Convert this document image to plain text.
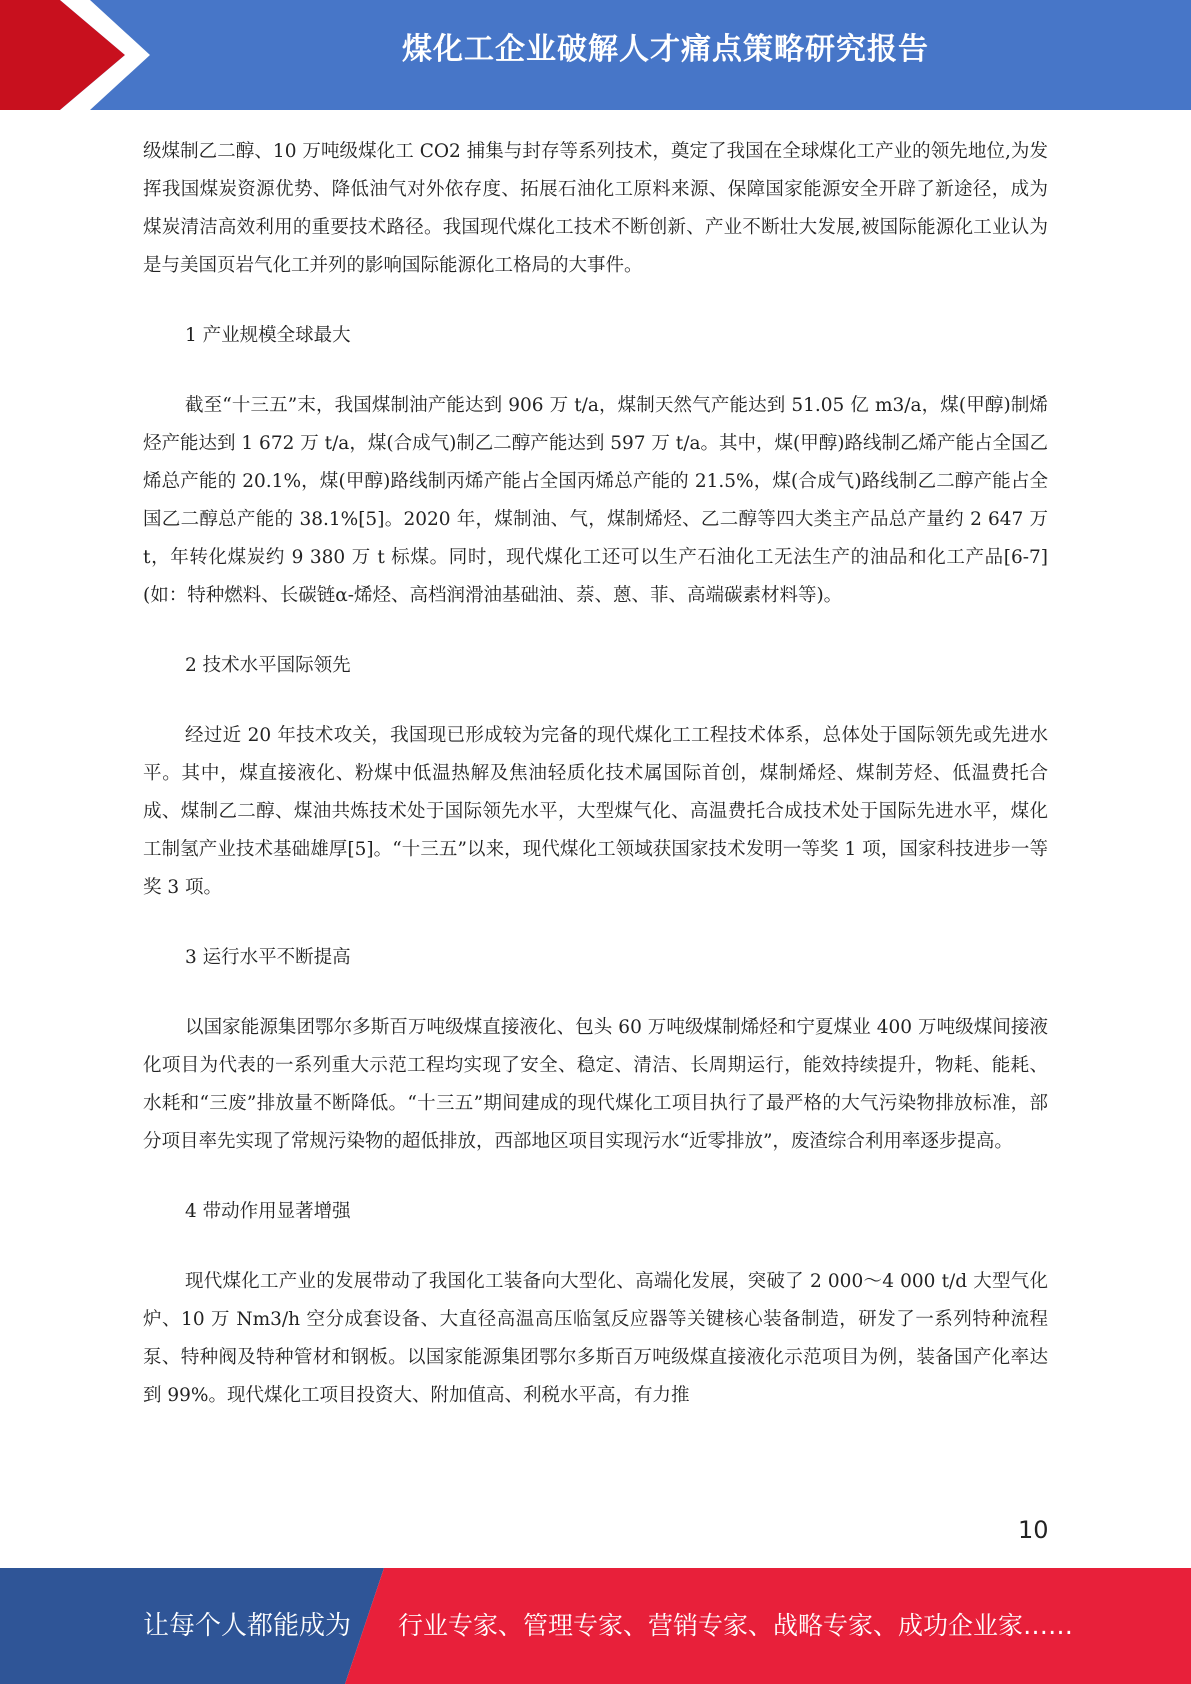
煤化工企业破解人才痛点策略研究报告

级煤制乙二醇、10 万吨级煤化工 CO2 捕集与封存等系列技术，奠定了我国在全球煤化工产业的领先地位,为发挥我国煤炭资源优势、降低油气对外依存度、拓展石油化工原料来源、保障国家能源安全开辟了新途径，成为煤炭清洁高效利用的重要技术路径。我国现代煤化工技术不断创新、产业不断壮大发展,被国际能源化工业认为是与美国页岩气化工并列的影响国际能源化工格局的大事件。

1 产业规模全球最大

截至“十三五”末，我国煤制油产能达到 906 万 t/a，煤制天然气产能达到 51.05 亿 m3/a，煤(甲醇)制烯烃产能达到 1 672 万 t/a，煤(合成气)制乙二醇产能达到 597 万 t/a。其中，煤(甲醇)路线制乙烯产能占全国乙烯总产能的 20.1%，煤(甲醇)路线制丙烯产能占全国丙烯总产能的 21.5%，煤(合成气)路线制乙二醇产能占全国乙二醇总产能的 38.1%[5]。2020 年，煤制油、气，煤制烯烃、乙二醇等四大类主产品总产量约 2 647 万 t，年转化煤炭约 9 380 万 t 标煤。同时，现代煤化工还可以生产石油化工无法生产的油品和化工产品[6-7](如：特种燃料、长碳链α-烯烃、高档润滑油基础油、萘、蒽、菲、高端碳素材料等)。

2 技术水平国际领先

经过近 20 年技术攻关，我国现已形成较为完备的现代煤化工工程技术体系，总体处于国际领先或先进水平。其中，煤直接液化、粉煤中低温热解及焦油轻质化技术属国际首创，煤制烯烃、煤制芳烃、低温费托合成、煤制乙二醇、煤油共炼技术处于国际领先水平，大型煤气化、高温费托合成技术处于国际先进水平，煤化工制氢产业技术基础雄厚[5]。“十三五”以来，现代煤化工领域获国家技术发明一等奖 1 项，国家科技进步一等奖 3 项。

3 运行水平不断提高

以国家能源集团鄂尔多斯百万吨级煤直接液化、包头 60 万吨级煤制烯烃和宁夏煤业 400 万吨级煤间接液化项目为代表的一系列重大示范工程均实现了安全、稳定、清洁、长周期运行，能效持续提升，物耗、能耗、水耗和“三废”排放量不断降低。“十三五”期间建成的现代煤化工项目执行了最严格的大气污染物排放标准，部分项目率先实现了常规污染物的超低排放，西部地区项目实现污水“近零排放”，废渣综合利用率逐步提高。

4 带动作用显著增强

现代煤化工产业的发展带动了我国化工装备向大型化、高端化发展，突破了 2 000～4 000 t/d 大型气化炉、10 万 Nm3/h 空分成套设备、大直径高温高压临氢反应器等关键核心装备制造，研发了一系列特种流程泵、特种阀及特种管材和钢板。以国家能源集团鄂尔多斯百万吨级煤直接液化示范项目为例，装备国产化率达到 99%。现代煤化工项目投资大、附加值高、利税水平高，有力推

10
让每个人都能成为 行业专家、管理专家、营销专家、战略专家、成功企业家……
